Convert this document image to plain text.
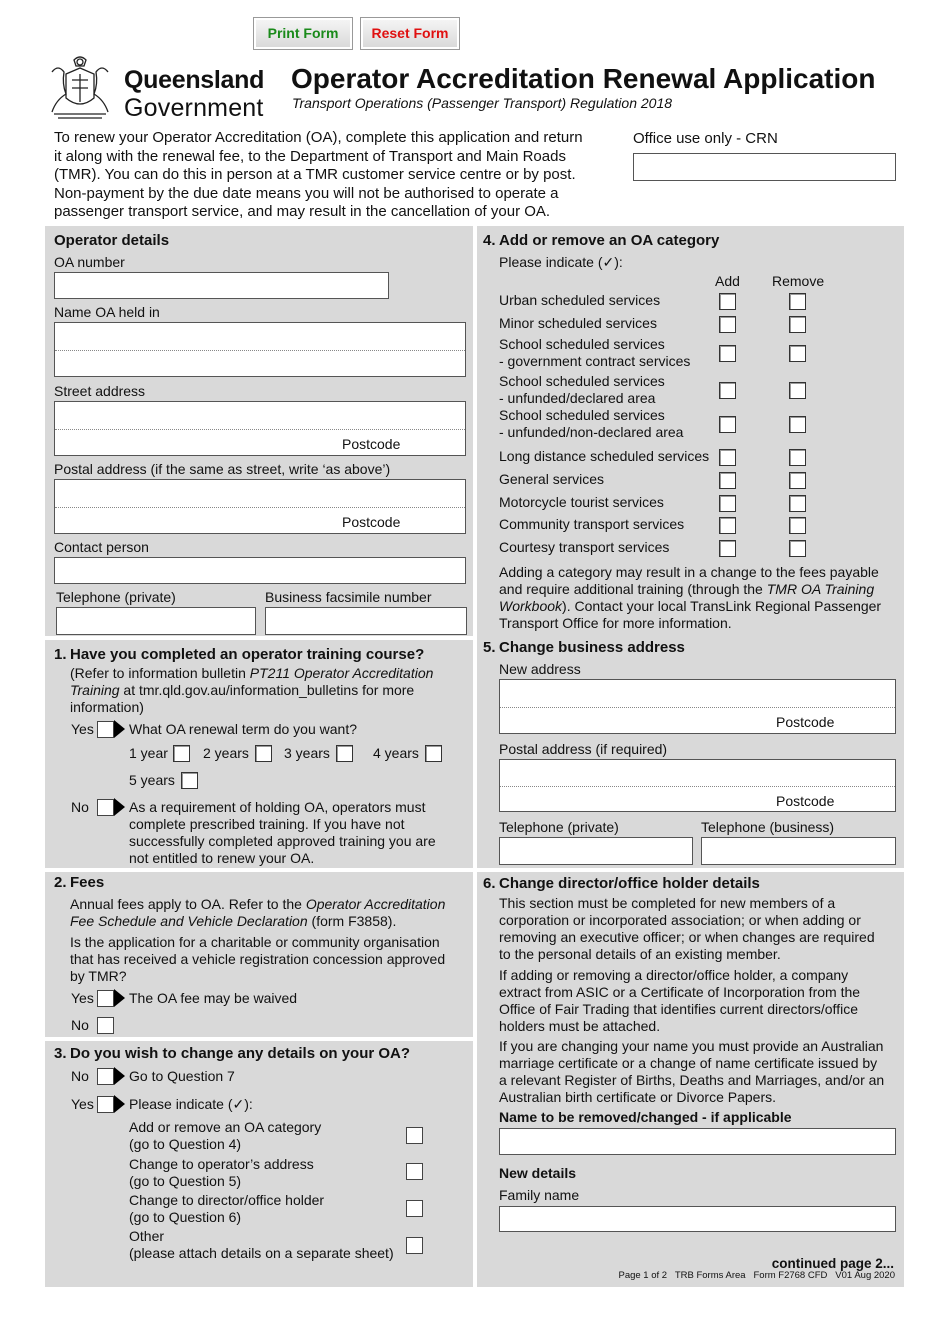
Print Form	Reset Form
Queensland
Government
Operator Accreditation Renewal Application
Transport Operations (Passenger Transport) Regulation 2018
To renew your Operator Accreditation (OA), complete this application and return
it along with the renewal fee, to the Department of Transport and Main Roads
(TMR). You can do this in person at a TMR customer service centre or by post.
Non-payment by the due date means you will not be authorised to operate a
passenger transport service, and may result in the cancellation of your OA.
Office use only - CRN
Operator details
OA number
Name OA held in
Street address
Postcode
Postal address (if the same as street, write ‘as above’)
Postcode
Contact person
Telephone (private)	Business facsimile number
1. Have you completed an operator training course?
(Refer to information bulletin PT211 Operator Accreditation
Training at tmr.qld.gov.au/information_bulletins for more
information)
Yes	What OA renewal term do you want?
1 year	2 years	3 years	4 years
5 years
No	As a requirement of holding OA, operators must
complete prescribed training. If you have not
successfully completed approved training you are
not entitled to renew your OA.
2. Fees
Annual fees apply to OA. Refer to the Operator Accreditation
Fee Schedule and Vehicle Declaration (form F3858).
Is the application for a charitable or community organisation
that has received a vehicle registration concession approved
by TMR?
Yes	The OA fee may be waived
No
3. Do you wish to change any details on your OA?
No	Go to Question 7
Yes	Please indicate (✓):
Add or remove an OA category
(go to Question 4)
Change to operator’s address
(go to Question 5)
Change to director/office holder
(go to Question 6)
Other
(please attach details on a separate sheet)
4. Add or remove an OA category
Please indicate (✓):
Add Remove
Urban scheduled services
Minor scheduled services
School scheduled services
- government contract services
School scheduled services
- unfunded/declared area
School scheduled services
- unfunded/non-declared area
Long distance scheduled services
General services
Motorcycle tourist services
Community transport services
Courtesy transport services
Adding a category may result in a change to the fees payable
and require additional training (through the TMR OA Training
Workbook). Contact your local TransLink Regional Passenger
Transport Office for more information.
5. Change business address
New address
Postcode
Postal address (if required)
Postcode
Telephone (private)	Telephone (business)
6. Change director/office holder details
This section must be completed for new members of a
corporation or incorporated association; or when adding or
removing an executive officer; or when changes are required
to the personal details of an existing member.
If adding or removing a director/office holder, a company
extract from ASIC or a Certificate of Incorporation from the
Office of Fair Trading that identifies current directors/office
holders must be attached.
If you are changing your name you must provide an Australian
marriage certificate or a change of name certificate issued by
a relevant Register of Births, Deaths and Marriages, and/or an
Australian birth certificate or Divorce Papers.
Name to be removed/changed - if applicable
New details
Family name
continued page 2...
Page 1 of 2   TRB Forms Area   Form F2768 CFD   V01 Aug 2020
